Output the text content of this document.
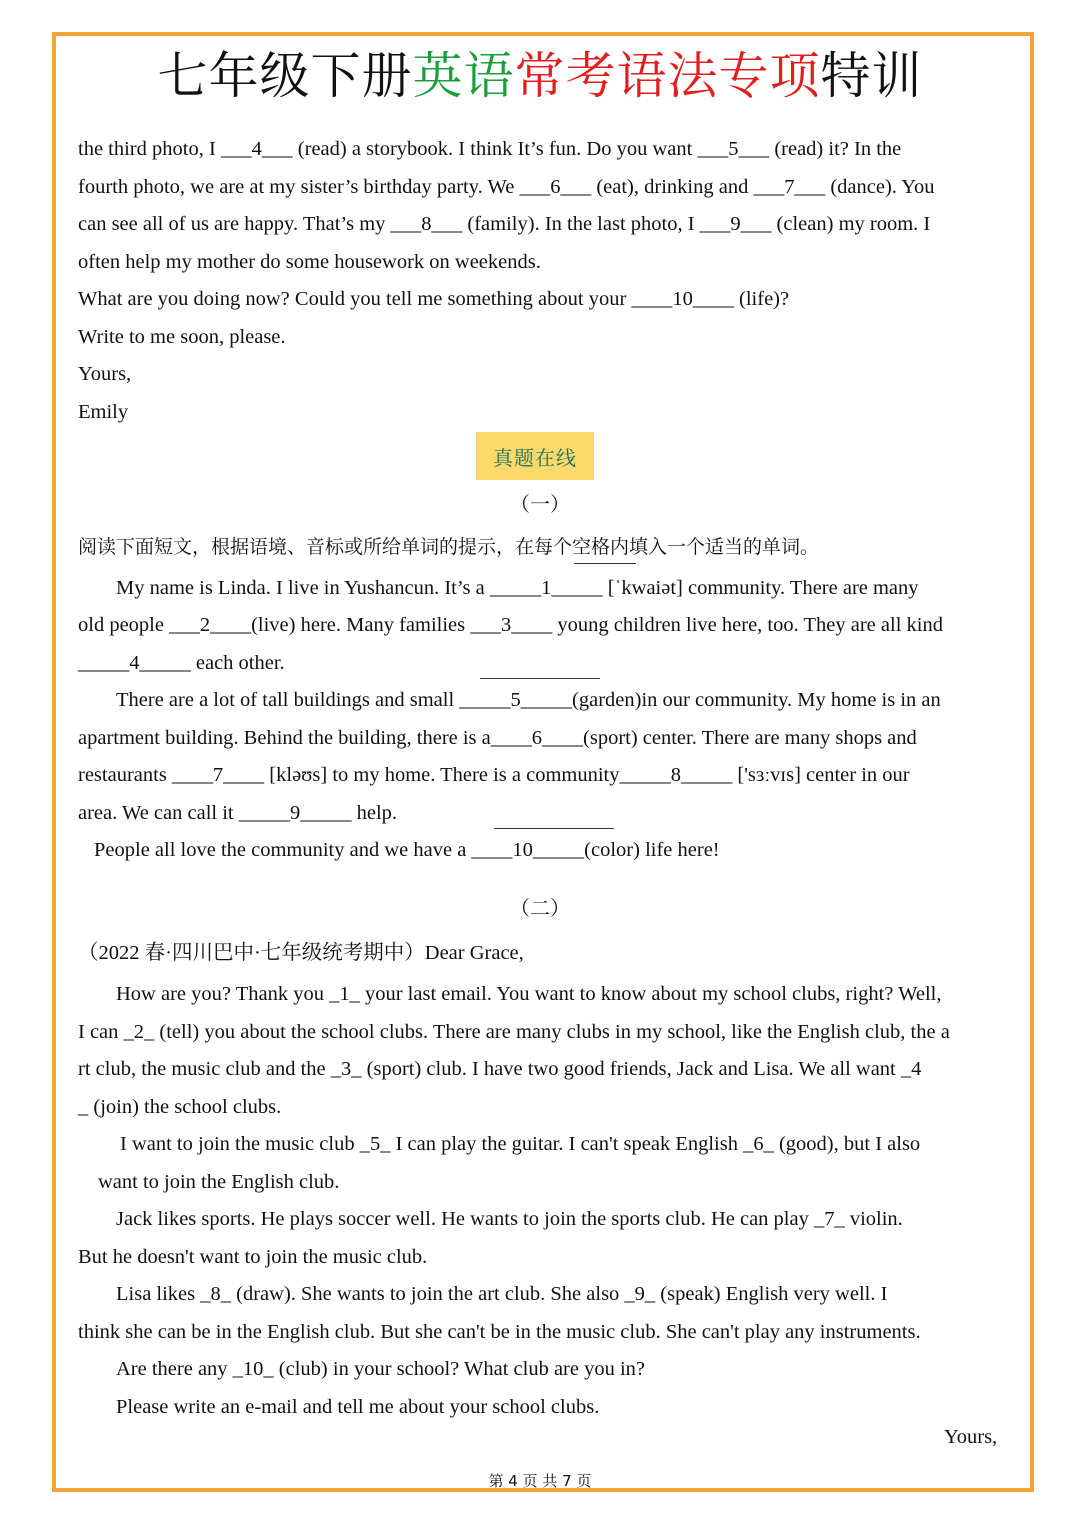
七年级下册英语常考语法专项特训
the third photo, I ___4___ (read) a storybook. I think It’s fun. Do you want ___5___ (read) it? In the
fourth photo, we are at my sister’s birthday party. We ___6___ (eat), drinking and ___7___ (dance). You
can see all of us are happy. That’s my ___8___ (family). In the last photo, I ___9___ (clean) my room. I
often help my mother do some housework on weekends.
What are you doing now? Could you tell me something about your ____10____ (life)?
Write to me soon, please.
Yours,
Emily
真题在线
（一）
阅读下面短文，根据语境、音标或所给单词的提示，在每个空格内填入一个适当的单词。
My name is Linda. I live in Yushancun. It’s a _____1_____ [ˈkwaiət] community. There are many
old people ___2____(live) here. Many families ___3____ young children live here, too. They are all kind
_____4_____ each other.
There are a lot of tall buildings and small _____5_____(garden)in our community. My home is in an
apartment building. Behind the building, there is a____6____(sport) center. There are many shops and
restaurants ____7____ [kləʊs] to my home. There is a community_____8_____ ['sɜːvɪs] center in our
area. We can call it _____9_____ help.
People all love the community and we have a ____10_____(color) life here!
（二）
（2022 春·四川巴中·七年级统考期中）Dear Grace,
How are you? Thank you _1_ your last email. You want to know about my school clubs, right? Well,
I can _2_ (tell) you about the school clubs. There are many clubs in my school, like the English club, the a
rt club, the music club and the _3_ (sport) club. I have two good friends, Jack and Lisa. We all want _4
_ (join) the school clubs.
I want to join the music club _5_ I can play the guitar. I can't speak English _6_ (good), but I also
want to join the English club.
Jack likes sports. He plays soccer well. He wants to join the sports club. He can play _7_ violin.
But he doesn't want to join the music club.
Lisa likes _8_ (draw). She wants to join the art club. She also _9_ (speak) English very well. I
think she can be in the English club. But she can't be in the music club. She can't play any instruments.
Are there any _10_ (club) in your school? What club are you in?
Please write an e-mail and tell me about your school clubs.
Yours,
第 4 页 共 7 页
